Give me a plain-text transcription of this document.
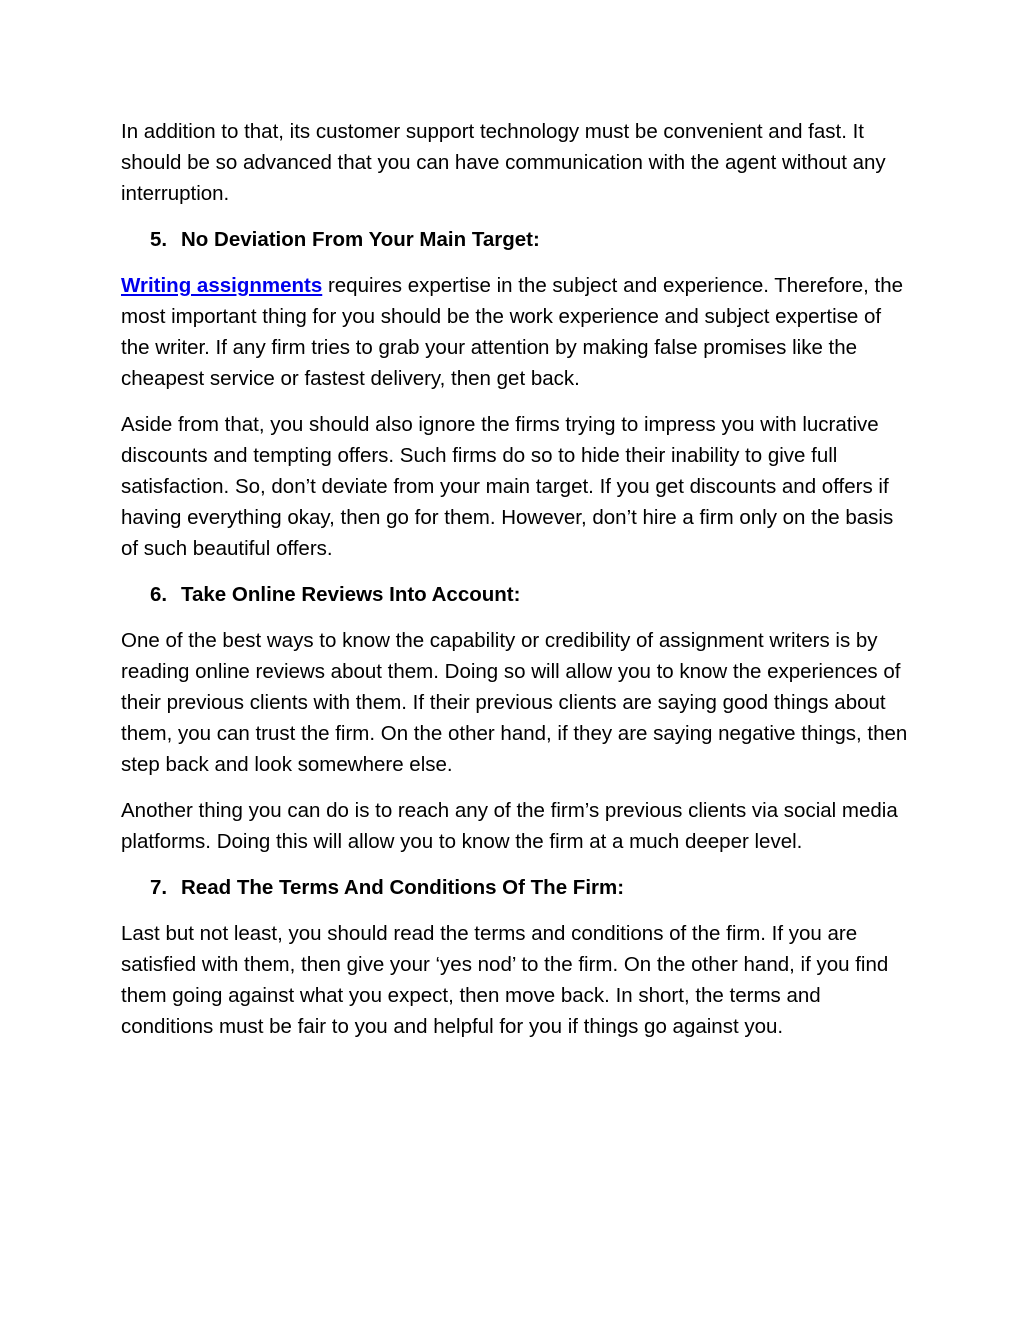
In addition to that, its customer support technology must be convenient and fast. It should be so advanced that you can have communication with the agent without any interruption.

5. No Deviation From Your Main Target:

Writing assignments requires expertise in the subject and experience. Therefore, the most important thing for you should be the work experience and subject expertise of the writer. If any firm tries to grab your attention by making false promises like the cheapest service or fastest delivery, then get back.

Aside from that, you should also ignore the firms trying to impress you with lucrative discounts and tempting offers. Such firms do so to hide their inability to give full satisfaction. So, don’t deviate from your main target. If you get discounts and offers if having everything okay, then go for them. However, don’t hire a firm only on the basis of such beautiful offers.

6. Take Online Reviews Into Account:

One of the best ways to know the capability or credibility of assignment writers is by reading online reviews about them. Doing so will allow you to know the experiences of their previous clients with them. If their previous clients are saying good things about them, you can trust the firm. On the other hand, if they are saying negative things, then step back and look somewhere else.

Another thing you can do is to reach any of the firm’s previous clients via social media platforms. Doing this will allow you to know the firm at a much deeper level.

7. Read The Terms And Conditions Of The Firm:

Last but not least, you should read the terms and conditions of the firm. If you are satisfied with them, then give your ‘yes nod’ to the firm. On the other hand, if you find them going against what you expect, then move back. In short, the terms and conditions must be fair to you and helpful for you if things go against you.
